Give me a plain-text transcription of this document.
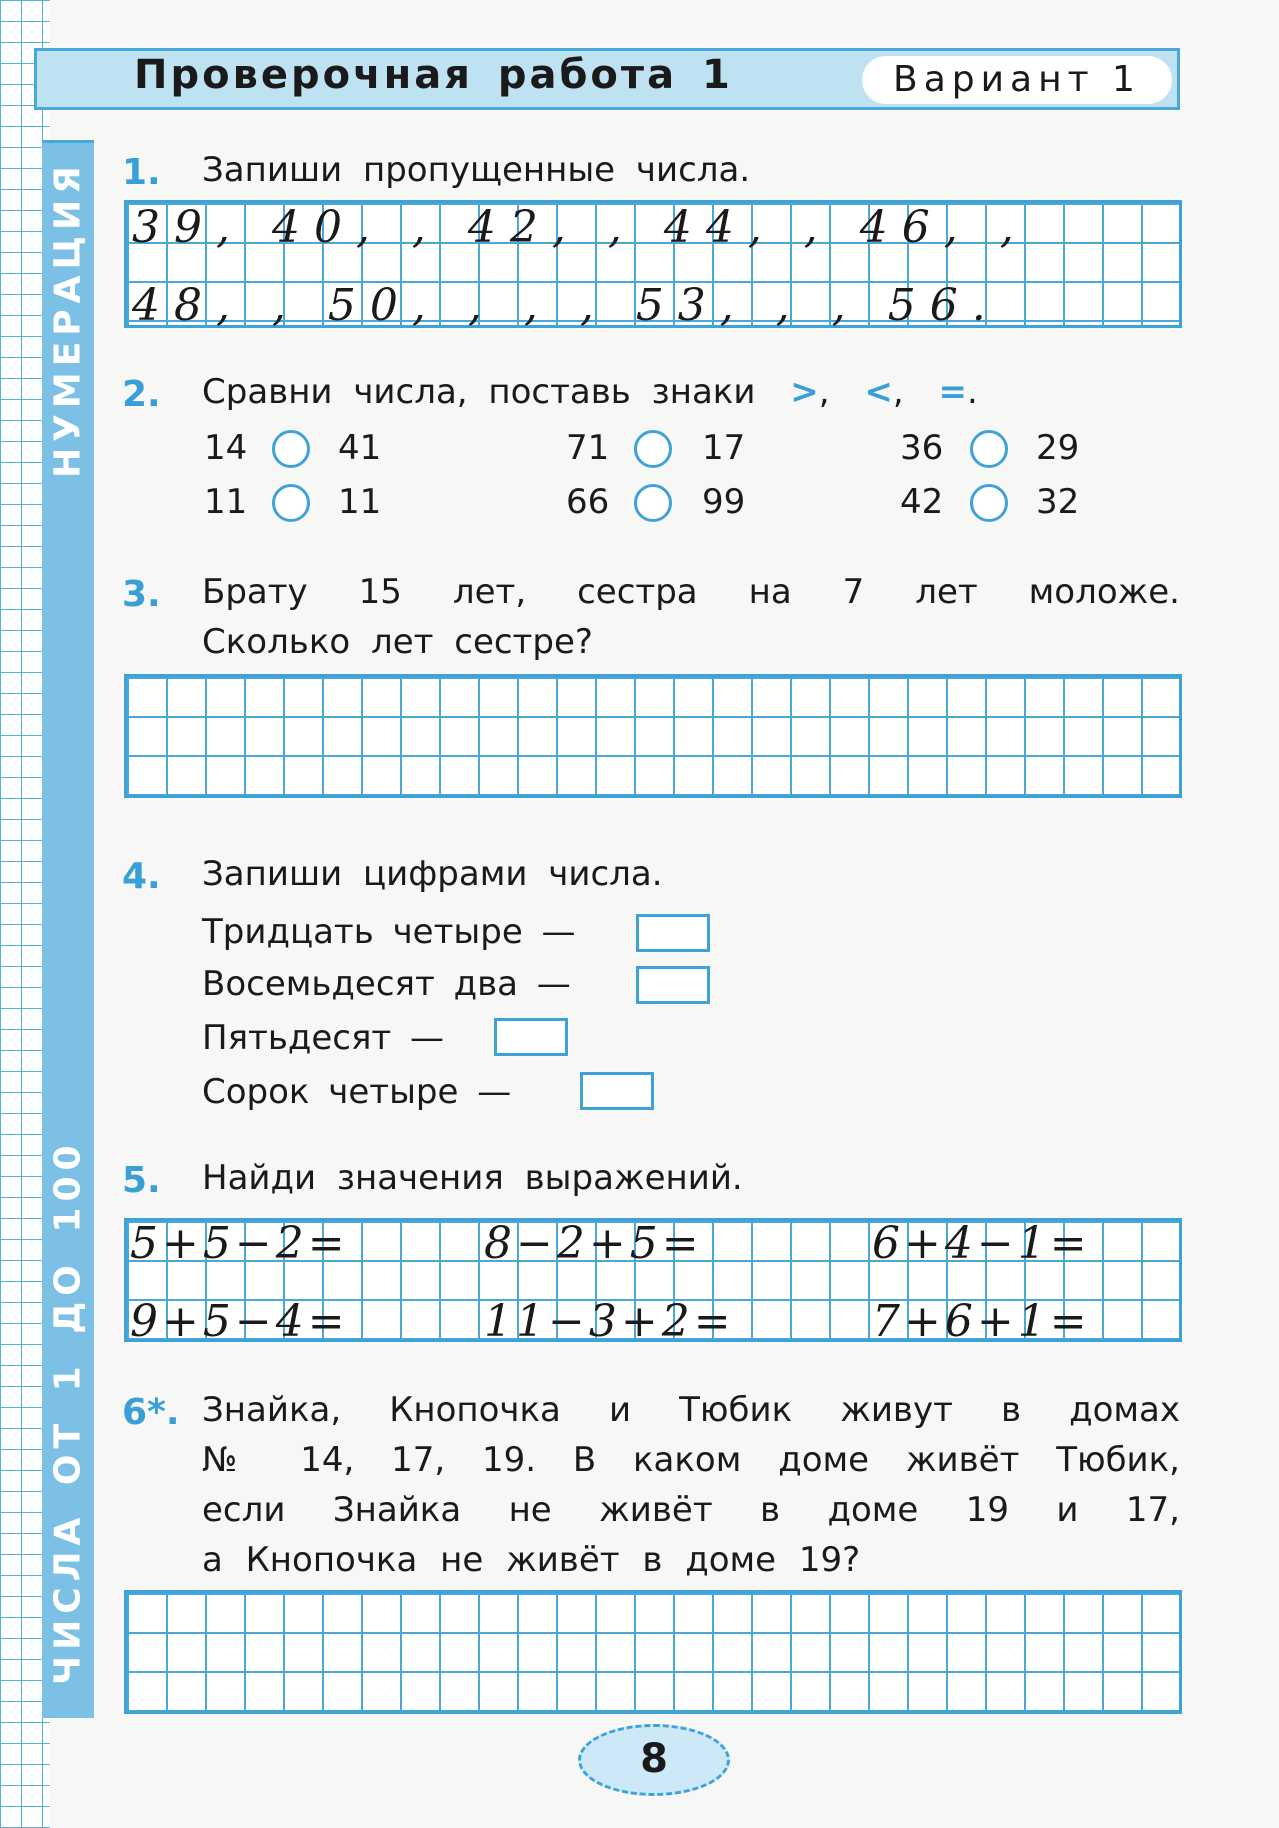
Проверочная работа 1	Вариант 1
ЧИСЛА ОТ 1 ДО 100
НУМЕРАЦИЯ 1. Запиши пропущенные числа.
39, 40, , 42, , 44, , 46, ,
48, , 50, , , , 53, , , 56.
2. Сравни числа, поставь знаки >, <, =.
14	41	71	17	36	29
11	11	66	99	42	32
3. Брату 15 лет, сестра на 7 лет моложе.
Сколько лет сестре?
4. Запиши цифрами числа.
Тридцать четыре —
Восемьдесят два —
Пятьдесят —
Сорок четыре —
5. Найди значения выражений.
5+5−2=	8−2+5=	6+4−1=
9+5−4=	11−3+2=	7+6+1=
6*. Знайка, Кнопочка и Тюбик живут в домах
№ 14, 17, 19. В каком доме живёт Тюбик,
если Знайка не живёт в доме 19 и 17,
а Кнопочка не живёт в доме 19?
8
